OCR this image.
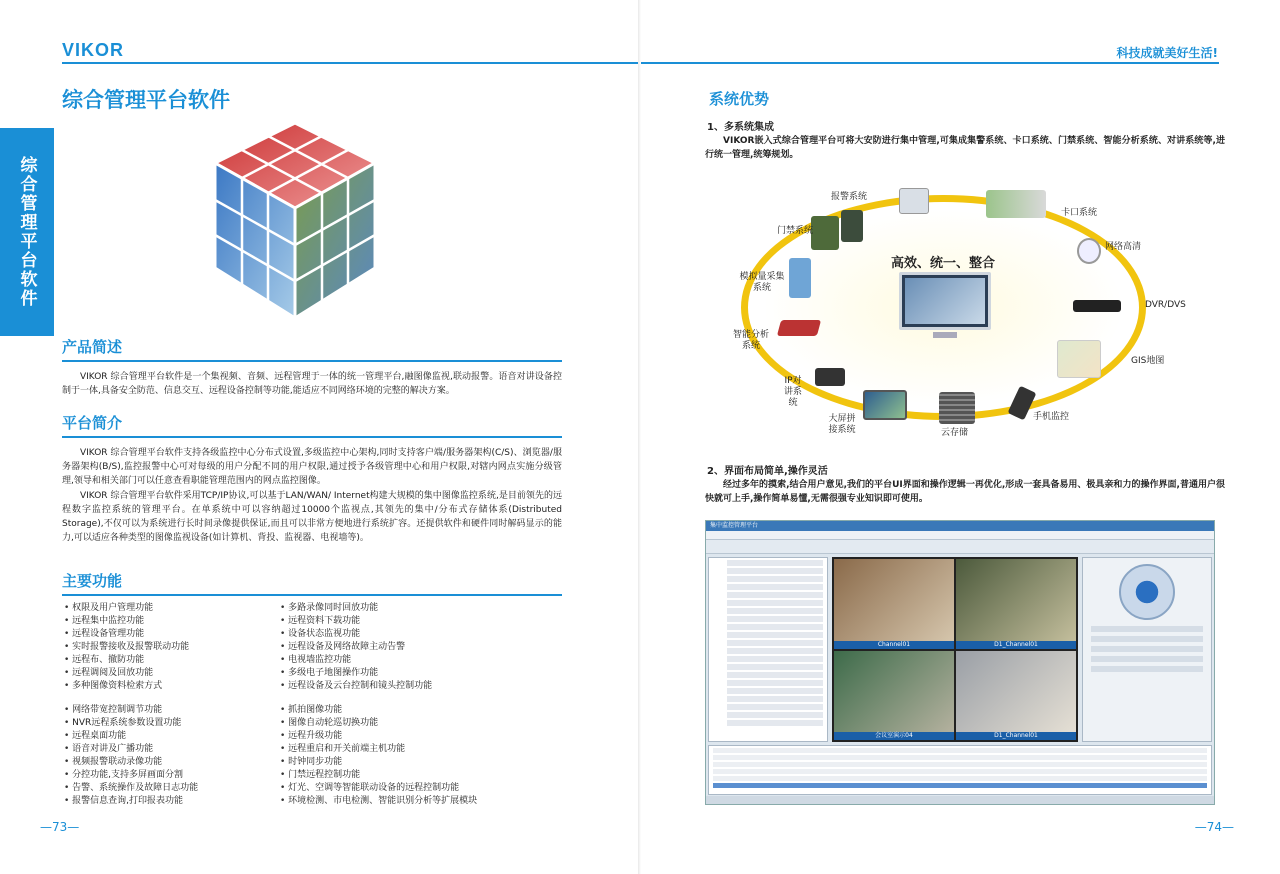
VIKOR
综合管理平台软件
综合管理平台软件
产品简述

VIKOR 综合管理平台软件是一个集视频、音频、远程管理于一体的统一管理平台,融图像监视,联动报警。语音对讲设备控制于一体,具备安全防范、信息交互、远程设备控制等功能,能适应不同网络环境的完整的解决方案。

平台简介

VIKOR 综合管理平台软件支持各级监控中心分布式设置,多级监控中心架构,同时支持客户端/服务器架构(C/S)、浏览器/服务器架构(B/S),监控报警中心可对每级的用户分配不同的用户权限,通过授予各级管理中心和用户权限,对辖内网点实施分级管理,领导和相关部门可以任意查看职能管理范围内的网点监控图像。

VIKOR 综合管理平台软件采用TCP/IP协议,可以基于LAN/WAN/ Internet构建大规模的集中图像监控系统,是目前领先的远程数字监控系统的管理平台。在单系统中可以容纳超过10000个监视点,其领先的集中/分布式存储体系(Distributed Storage),不仅可以为系统进行长时间录像提供保证,而且可以非常方便地进行系统扩容。还提供软件和硬件同时解码显示的能力,可以适应各种类型的图像监视设备(如计算机、背投、监视器、电视墙等)。

主要功能
• 权限及用户管理功能
• 远程集中监控功能
• 远程设备管理功能
• 实时报警接收及报警联动功能
• 远程布、撤防功能
• 远程调阅及回放功能
• 多种图像资料检索方式
• 多路录像同时回放功能
• 远程资料下载功能
• 设备状态监视功能
• 远程设备及网络故障主动告警
• 电视墙监控功能
• 多级电子地图操作功能
• 远程设备及云台控制和镜头控制功能
• 网络带宽控制调节功能
• NVR远程系统参数设置功能
• 远程桌面功能
• 语音对讲及广播功能
• 视频报警联动录像功能
• 分控功能,支持多屏画面分割
• 告警、系统操作及故障日志功能
• 报警信息查询,打印报表功能
• 抓拍图像功能
• 图像自动轮巡切换功能
• 远程升级功能
• 远程重启和开关前端主机功能
• 时钟同步功能
• 门禁远程控制功能
• 灯光、空调等智能联动设备的远程控制功能
• 环境检测、市电检测、智能识别分析等扩展模块
—73—
科技成就美好生活!
系统优势
1、多系统集成
VIKOR嵌入式综合管理平台可将大安防进行集中管理,可集成集警系统、卡口系统、门禁系统、智能分析系统、对讲系统等,进行统一管理,统筹规划。
高效、统一、整合
报警系统
卡口系统
门禁系统
网络高清
模拟量采集系统
DVR/DVS
智能分析系统
GIS地图
IP对讲系统
大屏拼接系统	云存储
手机监控
2、界面布局简单,操作灵活
经过多年的摸索,结合用户意见,我们的平台UI界面和操作逻辑一再优化,形成一套具备易用、极具亲和力的操作界面,普通用户很快就可上手,操作简单易懂,无需很强专业知识即可使用。
集中监控管理平台
Channel01	D1_Channel01
会议室演示04	D1_Channel01
—74—
